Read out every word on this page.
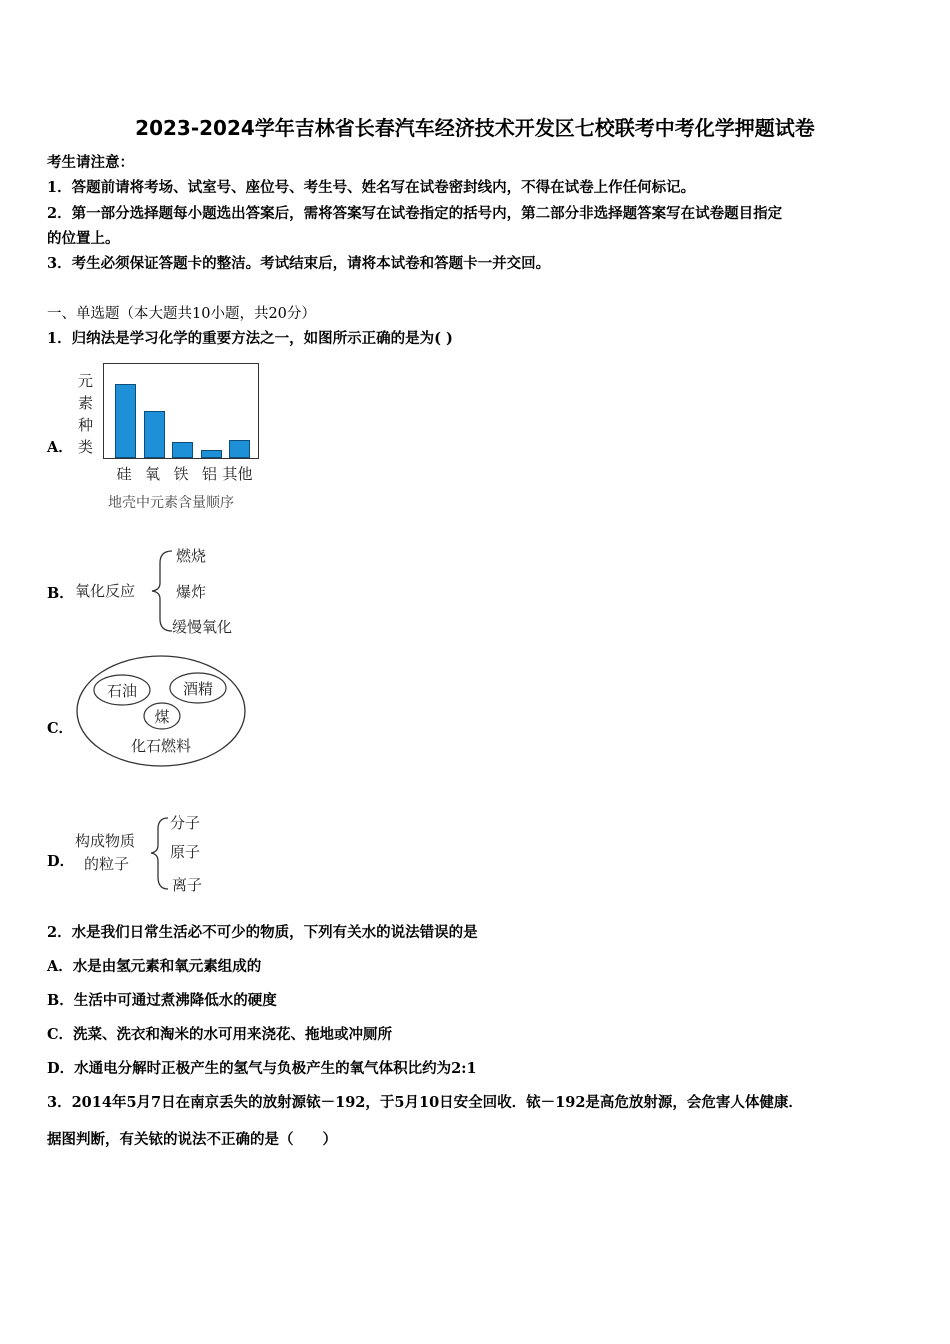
2023-2024学年吉林省长春汽车经济技术开发区七校联考中考化学押题试卷
考生请注意：
1．答题前请将考场、试室号、座位号、考生号、姓名写在试卷密封线内，不得在试卷上作任何标记。
2．第一部分选择题每小题选出答案后，需将答案写在试卷指定的括号内，第二部分非选择题答案写在试卷题目指定
的位置上。
3．考生必须保证答题卡的整洁。考试结束后，请将本试卷和答题卡一并交回。
一、单选题（本大题共10小题，共20分）
1．归纳法是学习化学的重要方法之一，如图所示正确的是为( )
A．
元
素
种
类
硅 氧 铁 铝 其他
地壳中元素含量顺序
B． 氧化反应
燃烧
爆炸
缓慢氧化
C．
石油	酒精
煤
化石燃料
D．
构成物质
的粒子
分子
原子
离子
2．水是我们日常生活必不可少的物质，下列有关水的说法错误的是
A．水是由氢元素和氧元素组成的
B．生活中可通过煮沸降低水的硬度
C．洗菜、洗衣和淘米的水可用来浇花、拖地或冲厕所
D．水通电分解时正极产生的氢气与负极产生的氧气体积比约为2:1
3．2014年5月7日在南京丢失的放射源铱－192，于5月10日安全回收．铱－192是高危放射源，会危害人体健康．
据图判断，有关铱的说法不正确的是（　　）
